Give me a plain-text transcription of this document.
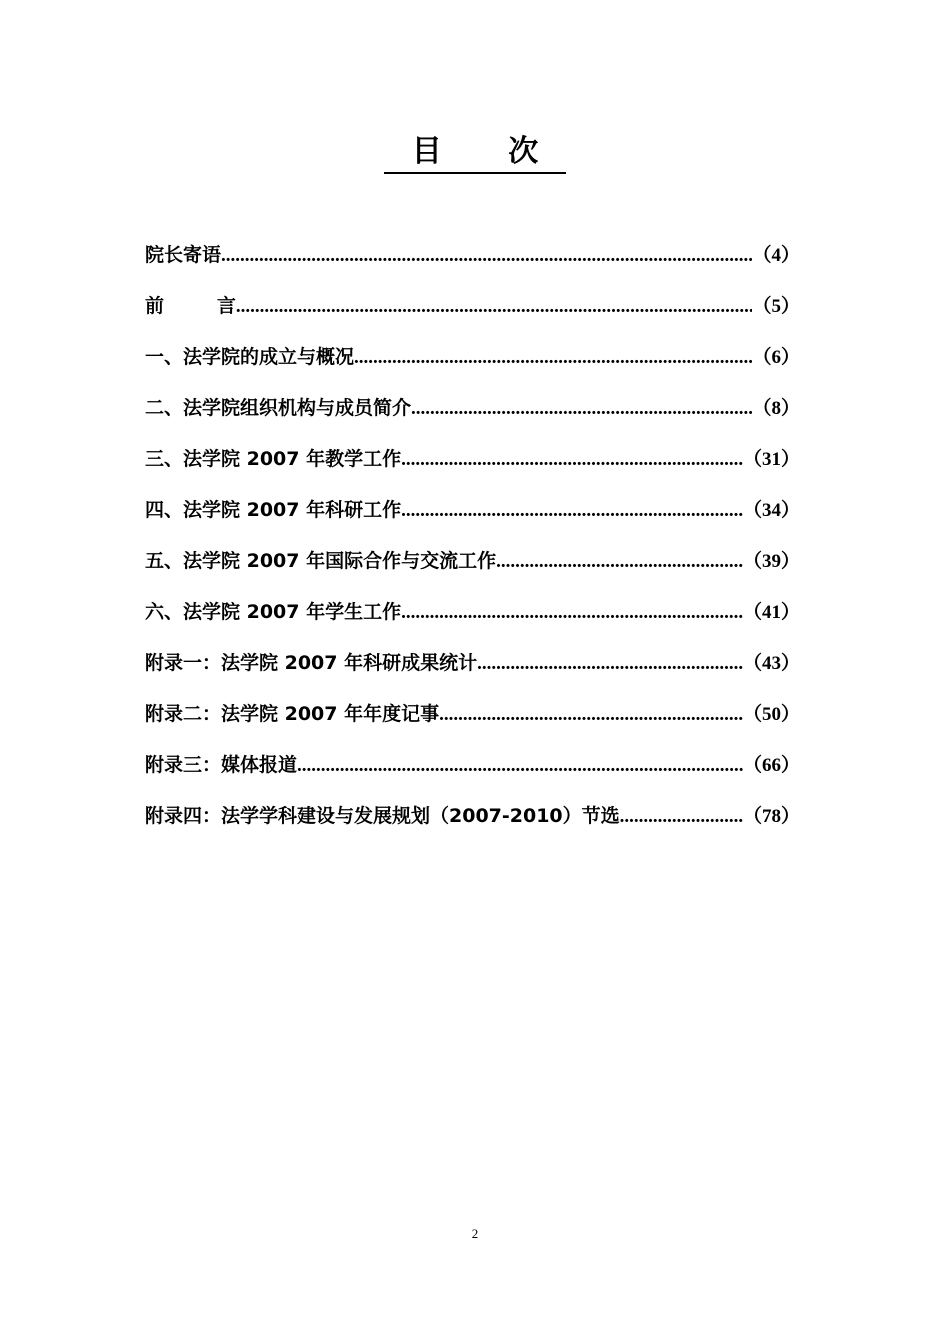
目 次
院长寄语 .....	（4）
前        言 .....	（5）
一、法学院的成立与概况 .....	（6）
二、法学院组织机构与成员简介 .....	（8）
三、法学院 2007 年教学工作 .....	（31）
四、法学院 2007 年科研工作 .....	（34）
五、法学院 2007 年国际合作与交流工作 .....	（39）
六、法学院 2007 年学生工作 .....	（41）
附录一：法学院 2007 年科研成果统计 .....	（43）
附录二：法学院 2007 年年度记事 .....	（50）
附录三：媒体报道 .....	（66）
附录四：法学学科建设与发展规划（2007-2010）节选 .....	（78）
2
